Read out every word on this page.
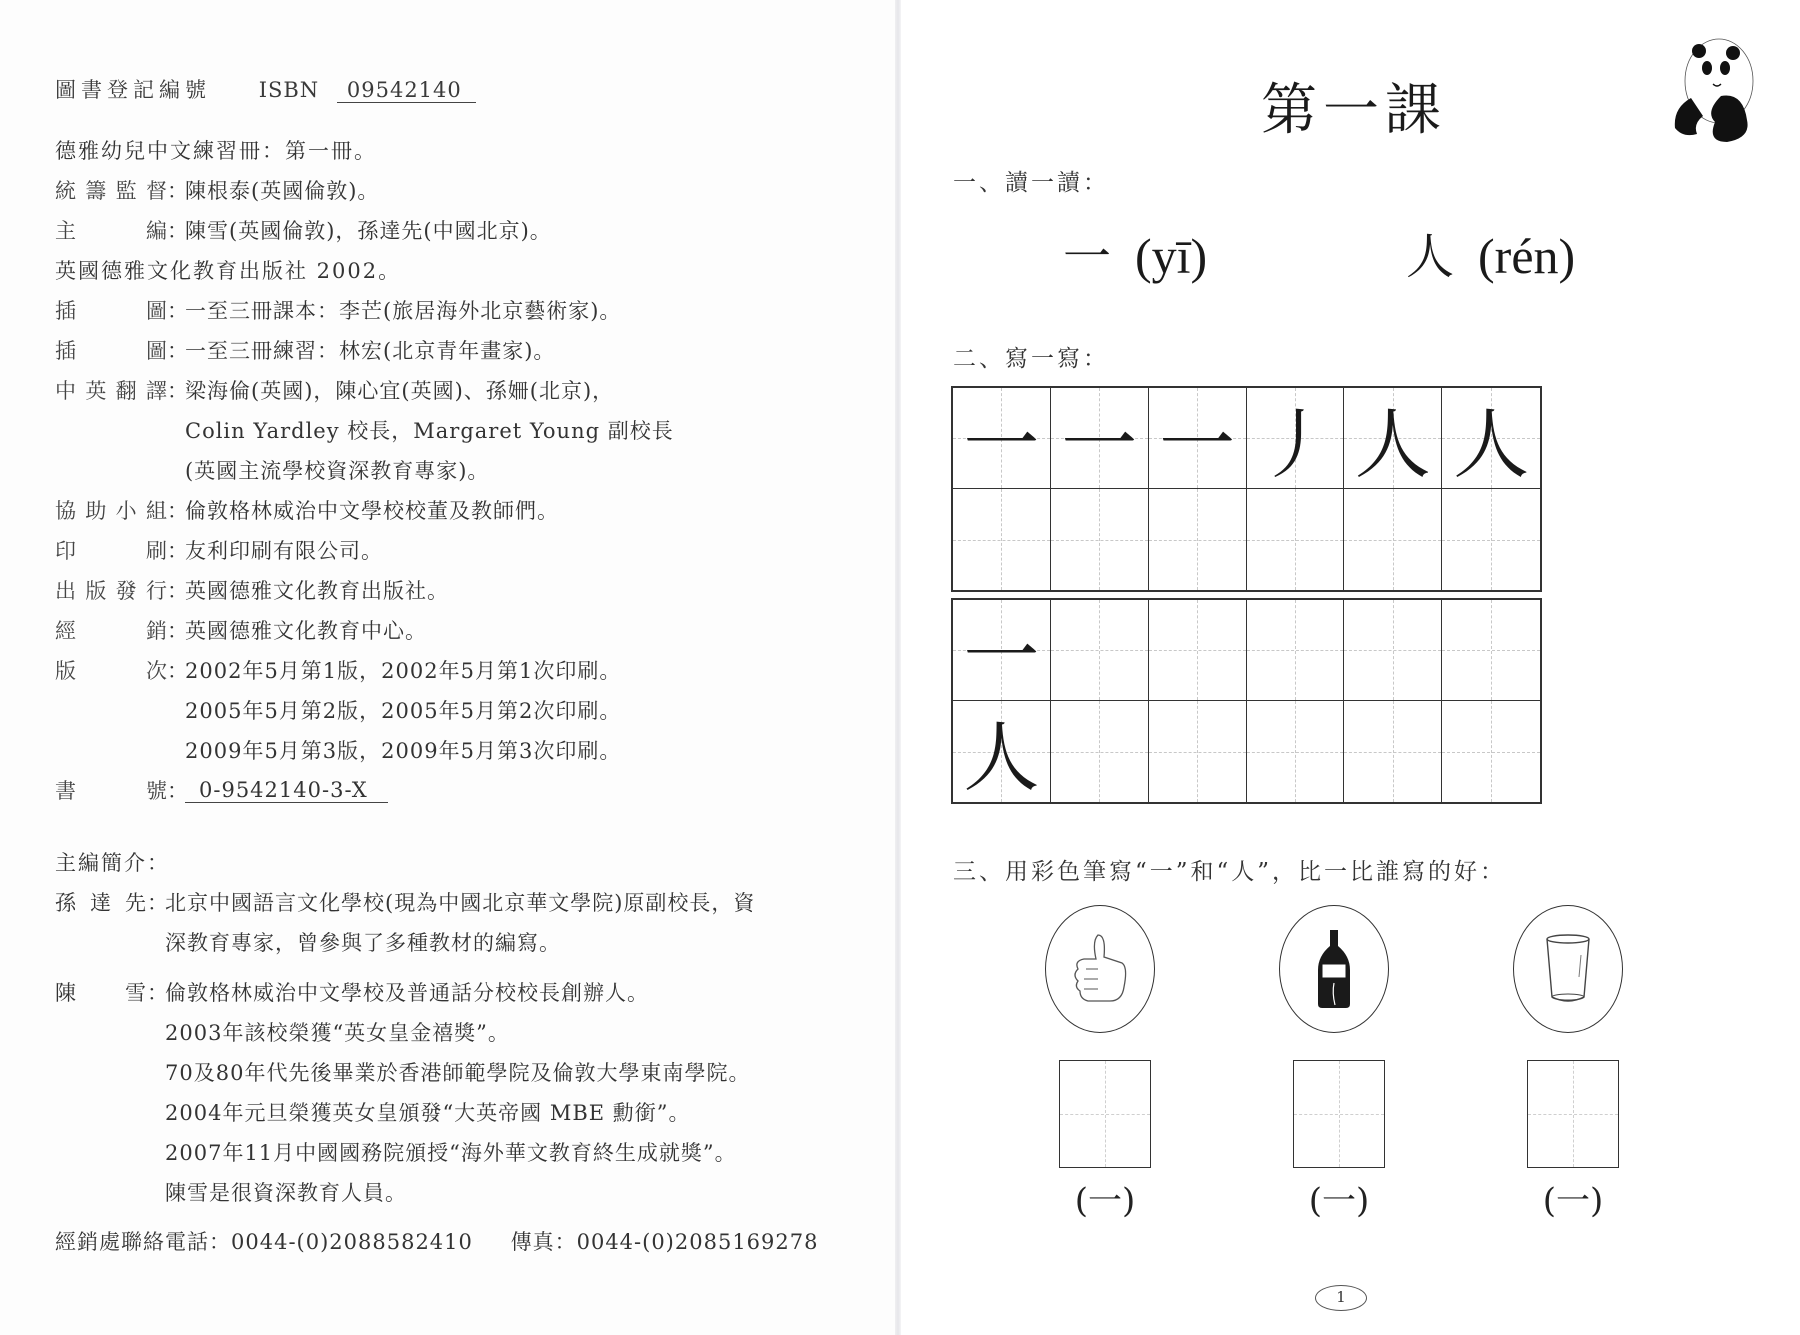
圖書登記編號 ISBN 09542140
德雅幼兒中文練習冊：第一冊。
統籌監督 ：
陳根泰(英國倫敦)。
主編 ：
陳雪(英國倫敦)，孫達先(中國北京)。
英國德雅文化教育出版社 2002。
插圖 ：
一至三冊課本：李芒(旅居海外北京藝術家)。
插圖 ：
一至三冊練習：林宏(北京青年畫家)。
中英翻譯 ：
梁海倫(英國)，陳心宜(英國)、孫姍(北京)，
Colin Yardley 校長，Margaret Young 副校長
(英國主流學校資深教育專家)。
協助小組 ：
倫敦格林威治中文學校校董及教師們。
印刷 ：
友利印刷有限公司。
出版發行 ：
英國德雅文化教育出版社。
經銷 ：
英國德雅文化教育中心。
版次 ：
2002年5月第1版，2002年5月第1次印刷。
2005年5月第2版，2005年5月第2次印刷。
2009年5月第3版，2009年5月第3次印刷。
書號 ： 0-9542140-3-X
主編簡介：
孫達先 ：
北京中國語言文化學校(現為中國北京華文學院)原副校長，資
深教育專家，曾參與了多種教材的編寫。
陳雪 ：
倫敦格林威治中文學校及普通話分校校長創辦人。
2003年該校榮獲“英女皇金禧獎”。
70及80年代先後畢業於香港師範學院及倫敦大學東南學院。
2004年元旦榮獲英女皇頒發“大英帝國 MBE 勳銜”。
2007年11月中國國務院頒授“海外華文教育終生成就獎”。
陳雪是很資深教育人員。
經銷處聯絡電話：0044-(0)2088582410 傳真：0044-(0)2085169278
第一課
一、讀一讀：
一 (yī)	人 (rén)
二、寫一寫：
一 一 一 丿 人 人
一
人
三、用彩色筆寫“一”和“人”，比一比誰寫的好：
(一)	(一)	(一)
1
